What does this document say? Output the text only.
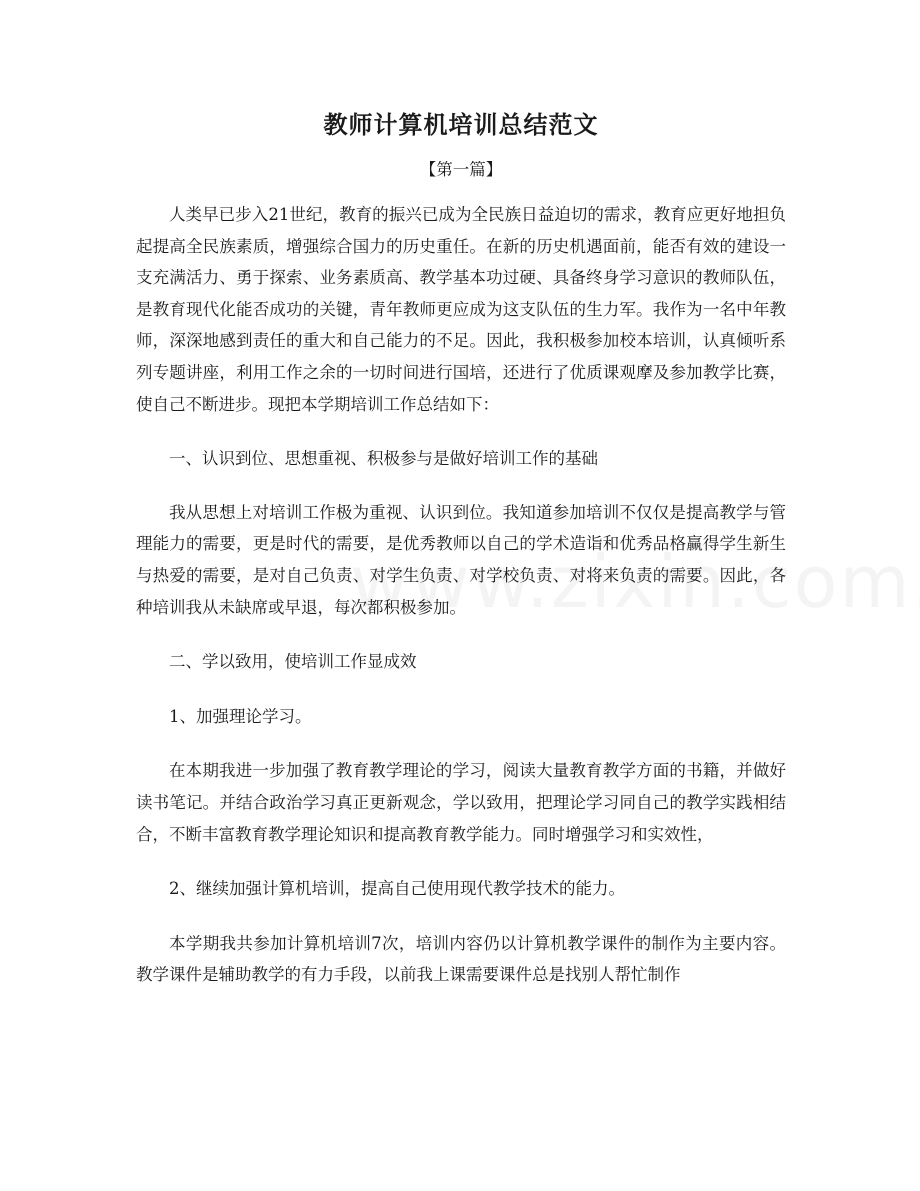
教师计算机培训总结范文
【第一篇】

人类早已步入21世纪，教育的振兴已成为全民族日益迫切的需求，教育应更好地担负起提高全民族素质，增强综合国力的历史重任。在新的历史机遇面前，能否有效的建设一支充满活力、勇于探索、业务素质高、教学基本功过硬、具备终身学习意识的教师队伍，是教育现代化能否成功的关键，青年教师更应成为这支队伍的生力军。我作为一名中年教师，深深地感到责任的重大和自己能力的不足。因此，我积极参加校本培训，认真倾听系列专题讲座，利用工作之余的一切时间进行国培，还进行了优质课观摩及参加教学比赛，使自己不断进步。现把本学期培训工作总结如下：

一、认识到位、思想重视、积极参与是做好培训工作的基础

我从思想上对培训工作极为重视、认识到位。我知道参加培训不仅仅是提高教学与管理能力的需要，更是时代的需要，是优秀教师以自己的学术造诣和优秀品格赢得学生新生与热爱的需要，是对自己负责、对学生负责、对学校负责、对将来负责的需要。因此，各种培训我从未缺席或早退，每次都积极参加。

二、学以致用，使培训工作显成效

1、加强理论学习。

在本期我进一步加强了教育教学理论的学习，阅读大量教育教学方面的书籍，并做好读书笔记。并结合政治学习真正更新观念，学以致用，把理论学习同自己的教学实践相结合，不断丰富教育教学理论知识和提高教育教学能力。同时增强学习和实效性，

2、继续加强计算机培训，提高自己使用现代教学技术的能力。

本学期我共参加计算机培训7次，培训内容仍以计算机教学课件的制作为主要内容。教学课件是辅助教学的有力手段，以前我上课需要课件总是找别人帮忙制作
